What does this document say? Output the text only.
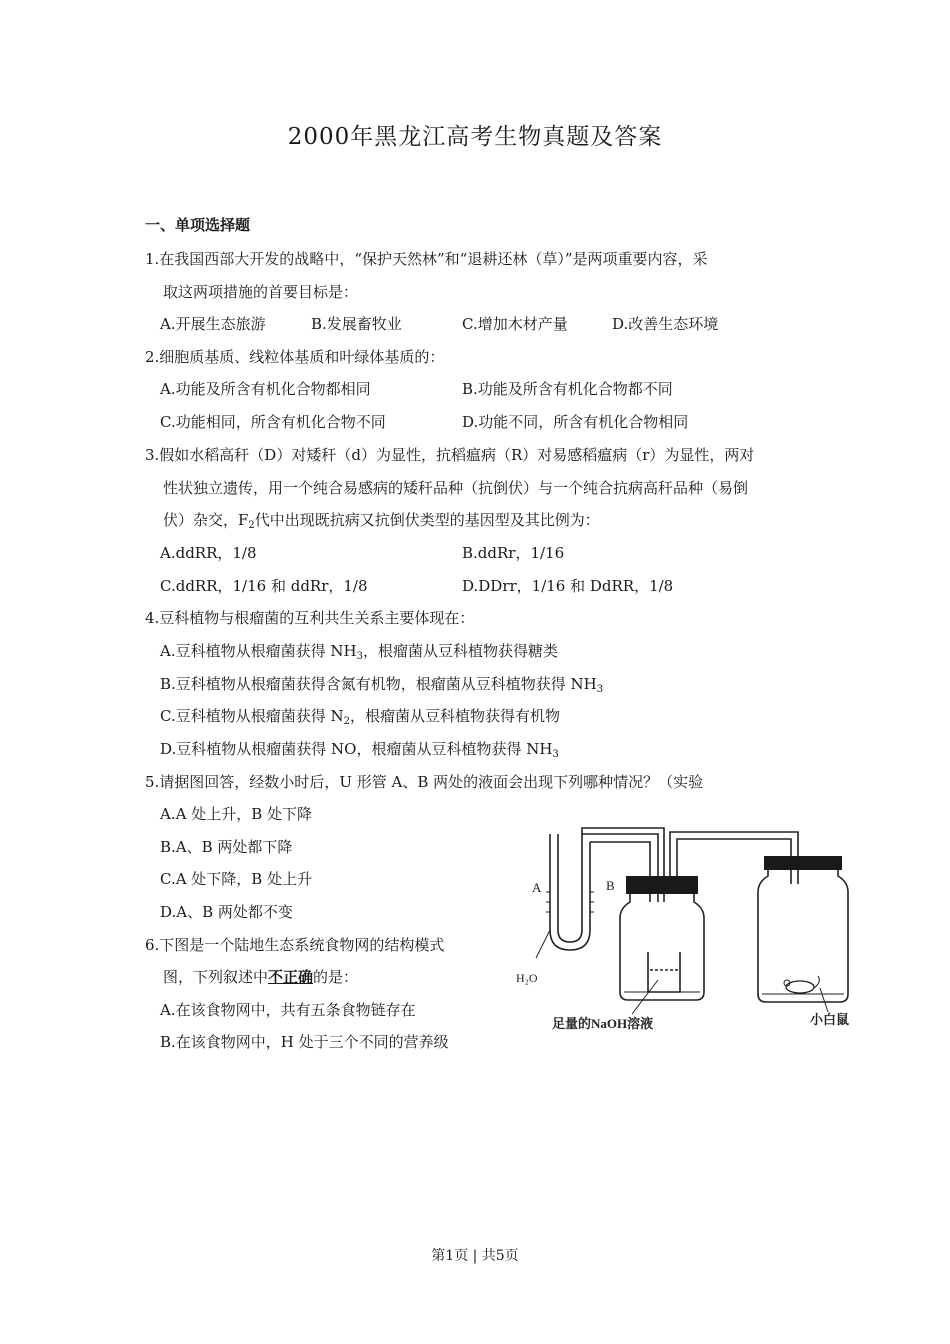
2000年黑龙江高考生物真题及答案
一、单项选择题
1.在我国西部大开发的战略中，“保护天然林”和“退耕还林（草）”是两项重要内容，采
取这两项措施的首要目标是：
A.开展生态旅游	B.发展畜牧业	C.增加木材产量	D.改善生态环境
2.细胞质基质、线粒体基质和叶绿体基质的：
A.功能及所含有机化合物都相同	B.功能及所含有机化合物都不同
C.功能相同，所含有机化合物不同	D.功能不同，所含有机化合物相同
3.假如水稻高秆（D）对矮秆（d）为显性，抗稻瘟病（R）对易感稻瘟病（r）为显性，两对
性状独立遗传，用一个纯合易感病的矮秆品种（抗倒伏）与一个纯合抗病高秆品种（易倒
伏）杂交，$F_2$代中出现既抗病又抗倒伏类型的基因型及其比例为：
A.ddRR，1/8	B.ddRr，1/16
C.ddRR，1/16 和 ddRr，1/8	D.DDrr，1/16 和 DdRR，1/8
4.豆科植物与根瘤菌的互利共生关系主要体现在：
A.豆科植物从根瘤菌获得 $NH_3$，根瘤菌从豆科植物获得糖类
B.豆科植物从根瘤菌获得含氮有机物，根瘤菌从豆科植物获得 $NH_3$
C.豆科植物从根瘤菌获得 $N_2$，根瘤菌从豆科植物获得有机物
D.豆科植物从根瘤菌获得 NO，根瘤菌从豆科植物获得 $NH_3$
5.请据图回答，经数小时后，U 形管 A、B 两处的液面会出现下列哪种情况？（实验
A.A 处上升，B 处下降
B.A、B 两处都下降
C.A 处下降，B 处上升
D.A、B 两处都不变
6.下图是一个陆地生态系统食物网的结构模式
图，下列叙述中不正确的是：
A.在该食物网中，共有五条食物链存在
B.在该食物网中，H 处于三个不同的营养级
A	B
H₂O
足量的NaOH溶液	小白鼠
第1页 | 共5页
